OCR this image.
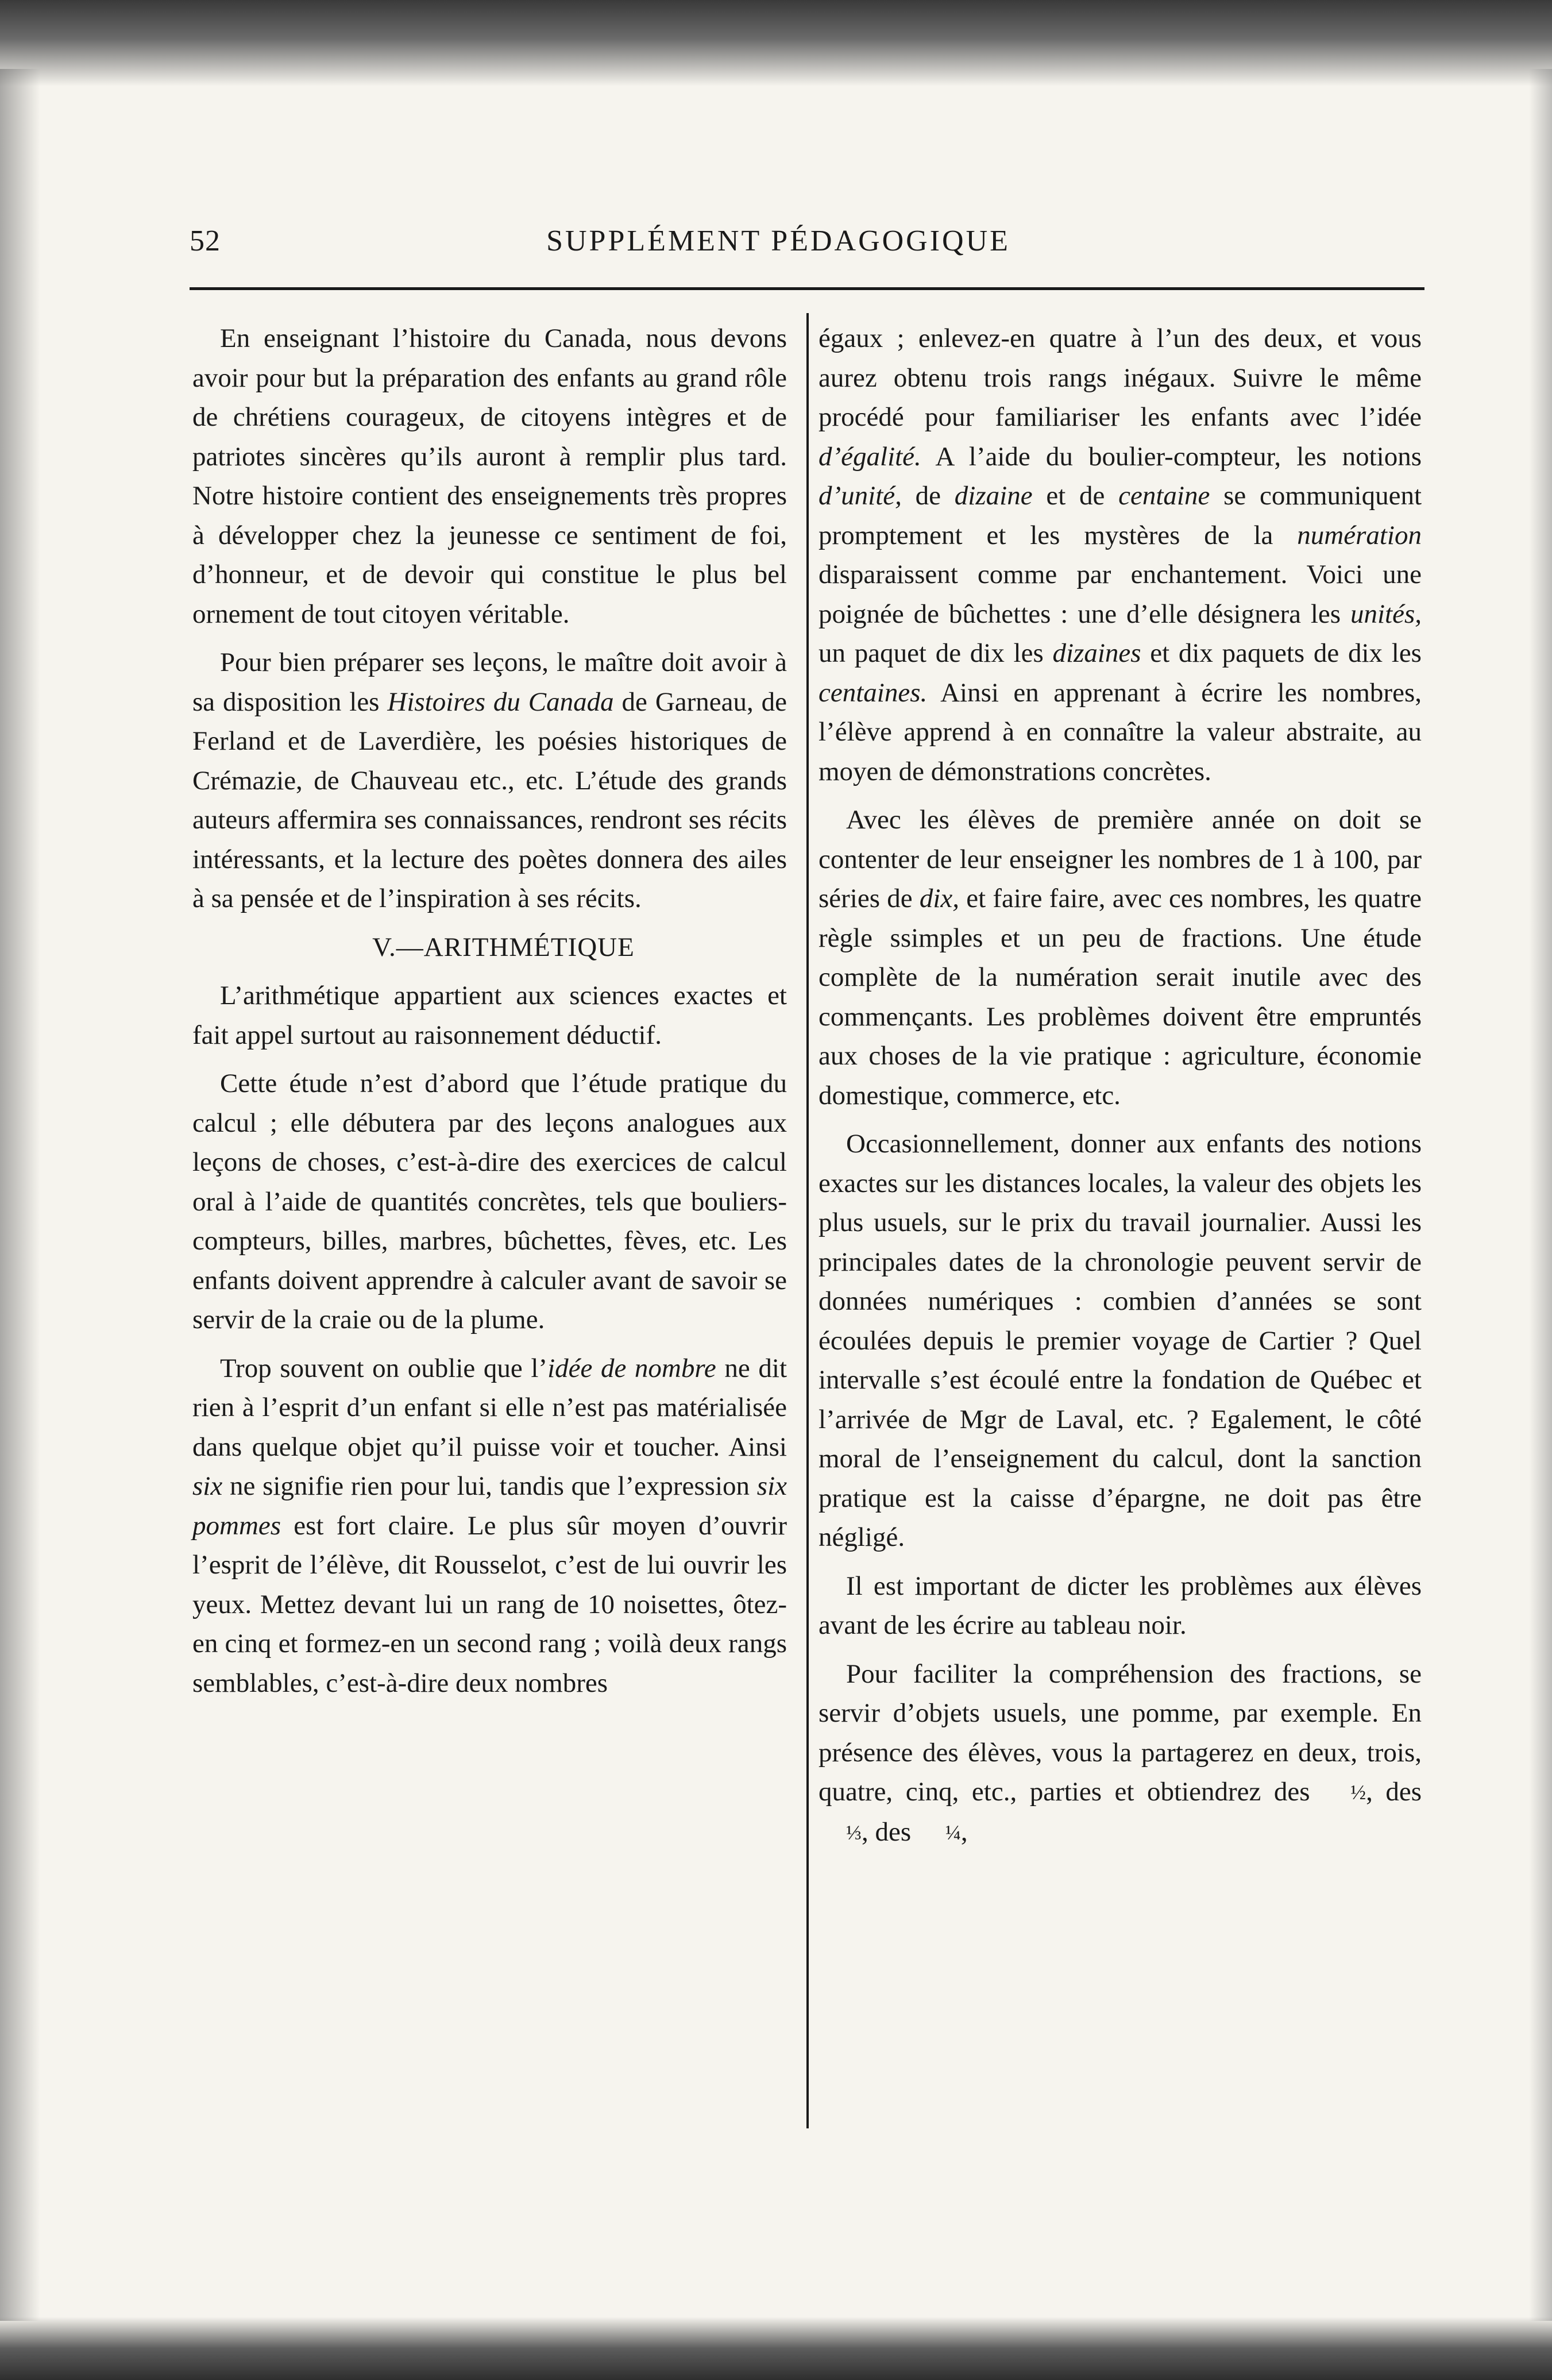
52	SUPPLÉMENT PÉDAGOGIQUE

En enseignant l’histoire du Canada, nous devons avoir pour but la préparation des enfants au grand rôle de chrétiens courageux, de citoyens intègres et de patriotes sincères qu’ils auront à remplir plus tard. Notre histoire contient des enseignements très propres à développer chez la jeunesse ce sentiment de foi, d’honneur, et de devoir qui constitue le plus bel ornement de tout citoyen véritable.

Pour bien préparer ses leçons, le maître doit avoir à sa disposition les Histoires du Canada de Garneau, de Ferland et de Laverdière, les poésies historiques de Crémazie, de Chauveau etc., etc. L’étude des grands auteurs affermira ses connaissances, rendront ses récits intéressants, et la lecture des poètes donnera des ailes à sa pensée et de l’inspiration à ses récits.

V.—ARITHMÉTIQUE

L’arithmétique appartient aux sciences exactes et fait appel surtout au raisonnement déductif.

Cette étude n’est d’abord que l’étude pratique du calcul ; elle débutera par des leçons analogues aux leçons de choses, c’est-à-dire des exercices de calcul oral à l’aide de quantités concrètes, tels que bouliers-compteurs, billes, marbres, bûchettes, fèves, etc. Les enfants doivent apprendre à calculer avant de savoir se servir de la craie ou de la plume.

Trop souvent on oublie que l’idée de nombre ne dit rien à l’esprit d’un enfant si elle n’est pas matérialisée dans quelque objet qu’il puisse voir et toucher. Ainsi six ne signifie rien pour lui, tandis que l’expression six pommes est fort claire. Le plus sûr moyen d’ouvrir l’esprit de l’élève, dit Rousselot, c’est de lui ouvrir les yeux. Mettez devant lui un rang de 10 noisettes, ôtez-en cinq et formez-en un second rang ; voilà deux rangs semblables, c’est-à-dire deux nombres

égaux ; enlevez-en quatre à l’un des deux, et vous aurez obtenu trois rangs inégaux. Suivre le même procédé pour familiariser les enfants avec l’idée d’égalité. A l’aide du boulier-compteur, les notions d’unité, de dizaine et de centaine se communiquent promptement et les mystères de la numération disparaissent comme par enchantement. Voici une poignée de bûchettes : une d’elle désignera les unités, un paquet de dix les dizaines et dix paquets de dix les centaines. Ainsi en apprenant à écrire les nombres, l’élève apprend à en connaître la valeur abstraite, au moyen de démonstrations concrètes.

Avec les élèves de première année on doit se contenter de leur enseigner les nombres de 1 à 100, par séries de dix, et faire faire, avec ces nombres, les quatre règle ssimples et un peu de fractions. Une étude complète de la numération serait inutile avec des commençants. Les problèmes doivent être empruntés aux choses de la vie pratique : agriculture, économie domestique, commerce, etc.

Occasionnellement, donner aux enfants des notions exactes sur les distances locales, la valeur des objets les plus usuels, sur le prix du travail journalier. Aussi les principales dates de la chronologie peuvent servir de données numériques : combien d’années se sont écoulées depuis le premier voyage de Cartier ? Quel intervalle s’est écoulé entre la fondation de Québec et l’arrivée de Mgr de Laval, etc. ? Egalement, le côté moral de l’enseignement du calcul, dont la sanction pratique est la caisse d’épargne, ne doit pas être négligé.

Il est important de dicter les problèmes aux élèves avant de les écrire au tableau noir.

Pour faciliter la compréhension des fractions, se servir d’objets usuels, une pomme, par exemple. En présence des élèves, vous la partagerez en deux, trois, quatre, cinq, etc., parties et obtiendrez des ½, des ⅓, des ¼,
